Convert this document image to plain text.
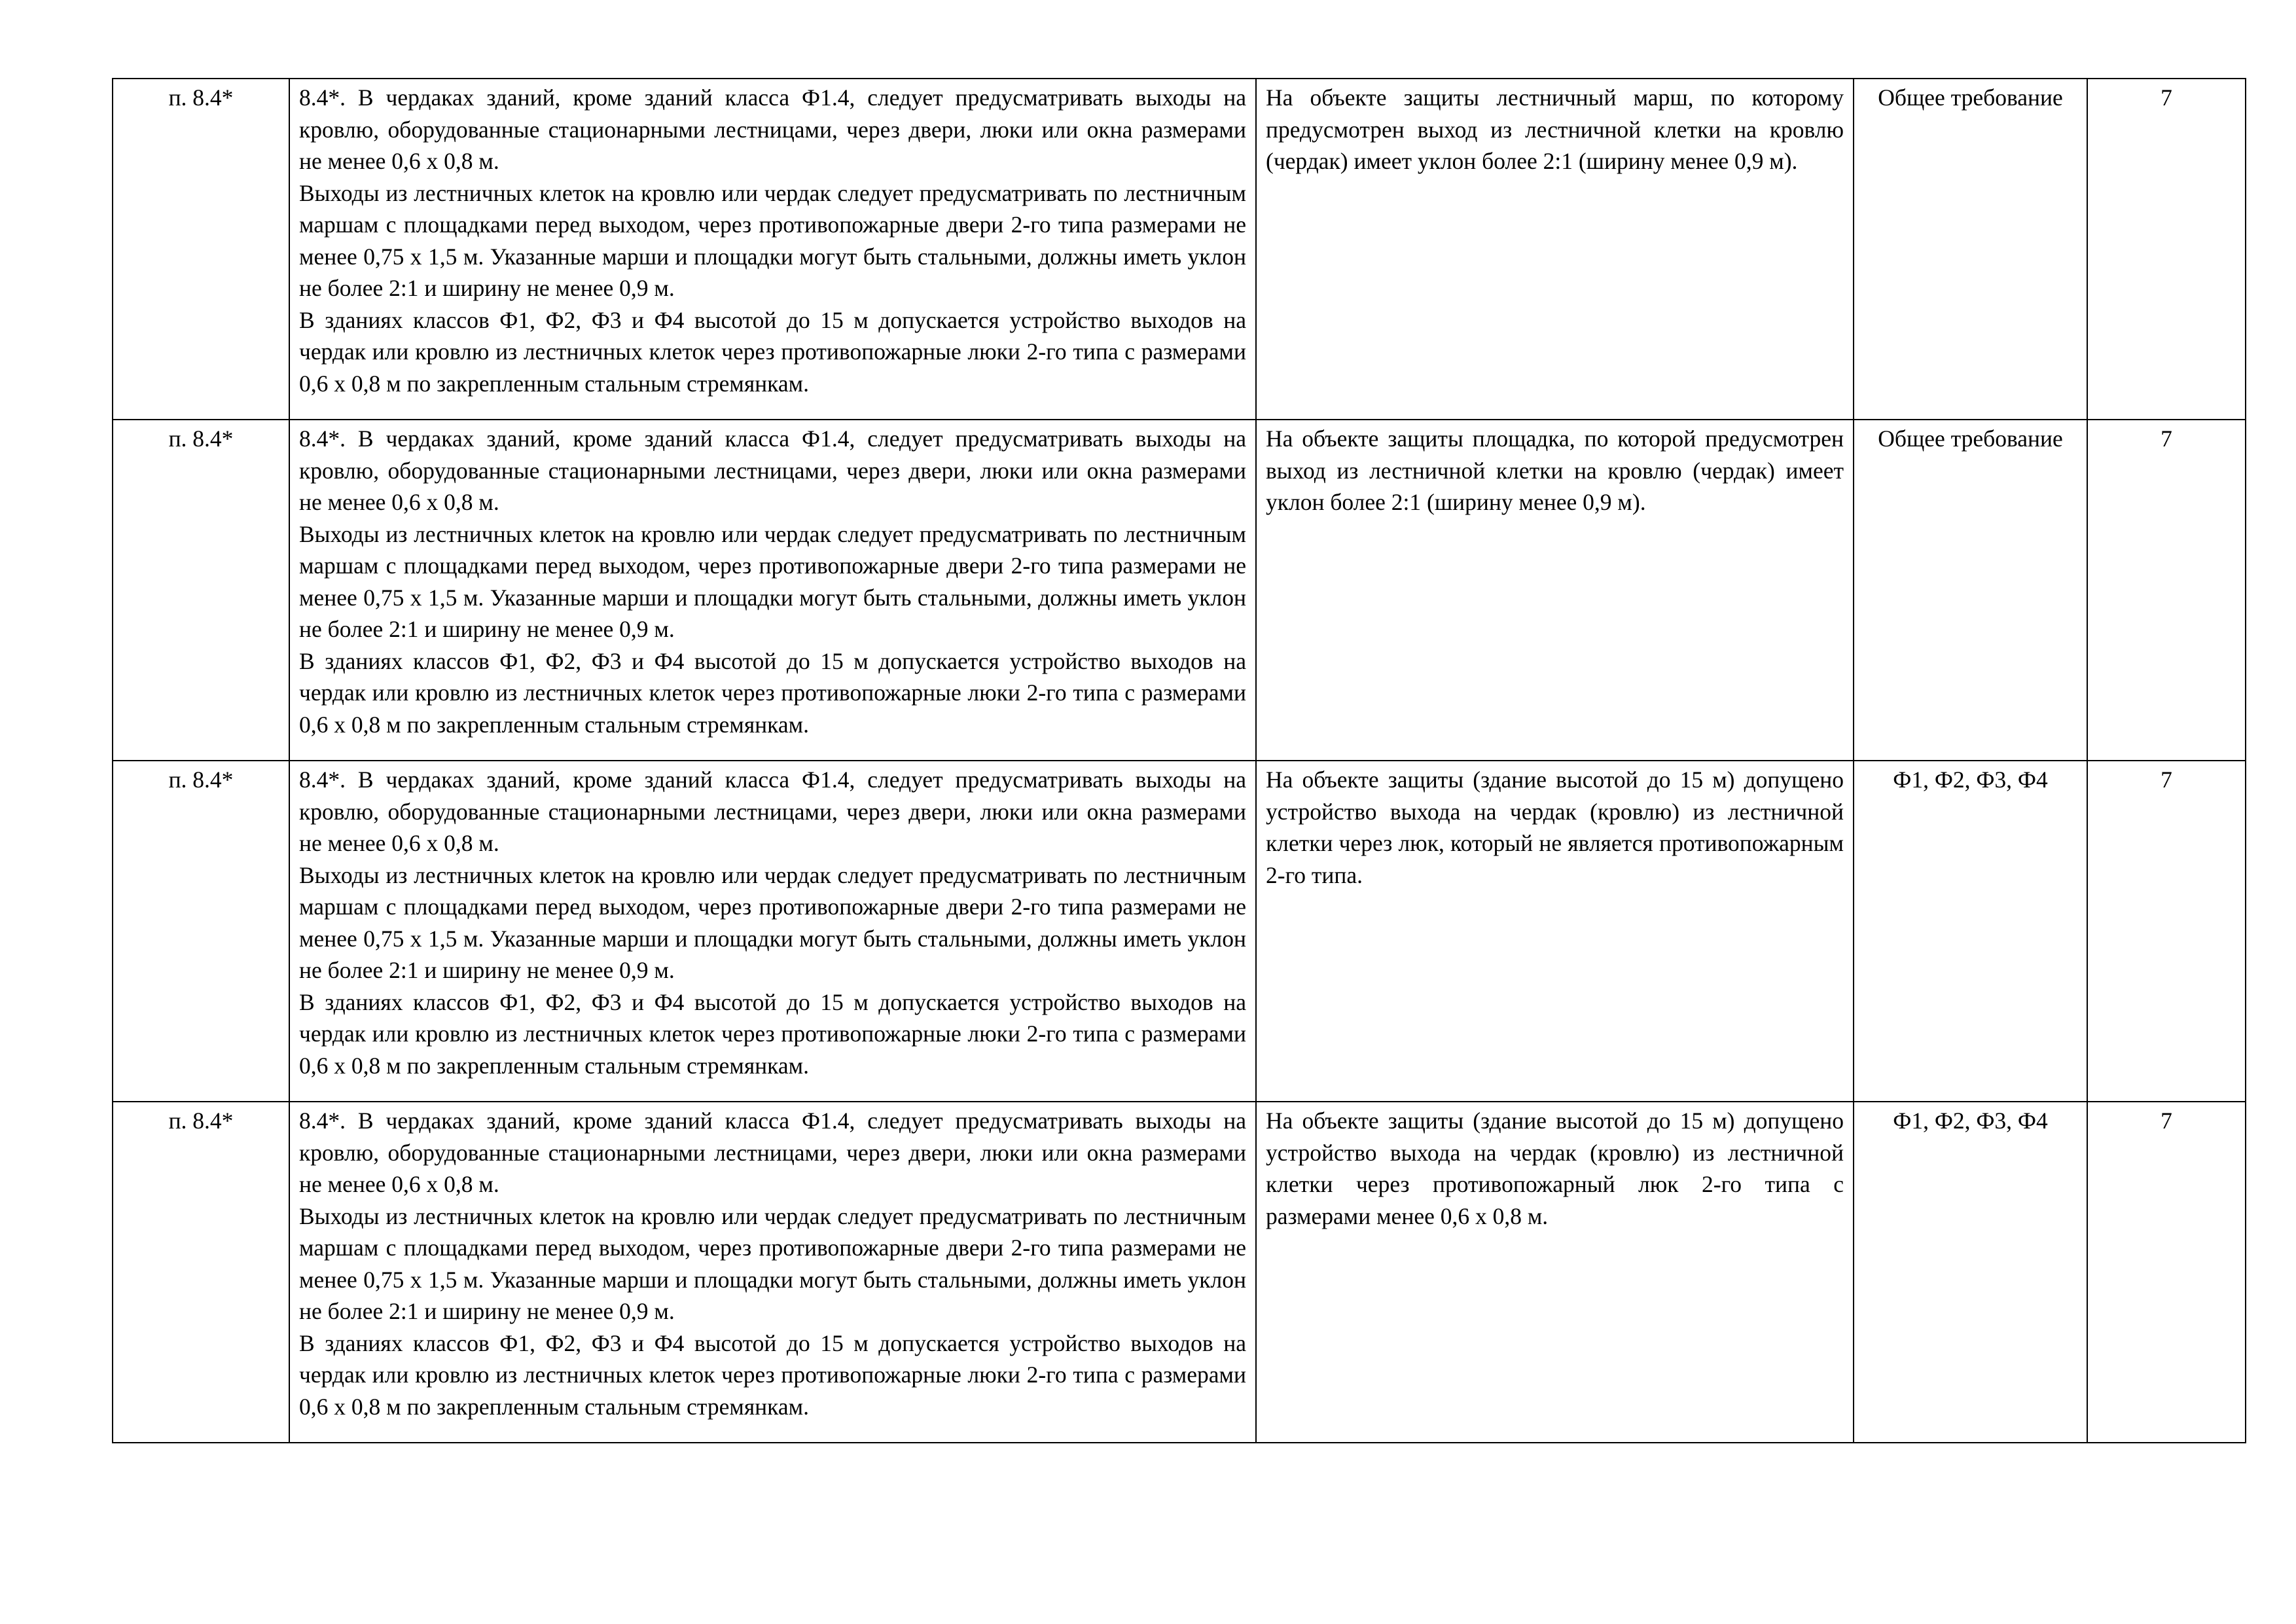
п. 8.4*	8.4*. В чердаках зданий, кроме зданий класса Ф1.4, следует предусматривать выходы на кровлю, оборудованные стационарными лестницами, через двери, люки или окна размерами не менее 0,6 х 0,8 м.

Выходы из лестничных клеток на кровлю или чердак следует предусматривать по лестничным маршам с площадками перед выходом, через противопожарные двери 2-го типа размерами не менее 0,75 х 1,5 м. Указанные марши и площадки могут быть стальными, должны иметь уклон не более 2:1 и ширину не менее 0,9 м.

В зданиях классов Ф1, Ф2, Ф3 и Ф4 высотой до 15 м допускается устройство выходов на чердак или кровлю из лестничных клеток через противопожарные люки 2-го типа с размерами 0,6 х 0,8 м по закрепленным стальным стремянкам.	На объекте защиты лестничный марш, по которому предусмотрен выход из лестничной клетки на кровлю (чердак) имеет уклон более 2:1 (ширину менее 0,9 м).	Общее требование	7
п. 8.4*	8.4*. В чердаках зданий, кроме зданий класса Ф1.4, следует предусматривать выходы на кровлю, оборудованные стационарными лестницами, через двери, люки или окна размерами не менее 0,6 х 0,8 м.

Выходы из лестничных клеток на кровлю или чердак следует предусматривать по лестничным маршам с площадками перед выходом, через противопожарные двери 2-го типа размерами не менее 0,75 х 1,5 м. Указанные марши и площадки могут быть стальными, должны иметь уклон не более 2:1 и ширину не менее 0,9 м.

В зданиях классов Ф1, Ф2, Ф3 и Ф4 высотой до 15 м допускается устройство выходов на чердак или кровлю из лестничных клеток через противопожарные люки 2-го типа с размерами 0,6 х 0,8 м по закрепленным стальным стремянкам.	На объекте защиты площадка, по которой предусмотрен выход из лестничной клетки на кровлю (чердак) имеет уклон более 2:1 (ширину менее 0,9 м).	Общее требование	7
п. 8.4*	8.4*. В чердаках зданий, кроме зданий класса Ф1.4, следует предусматривать выходы на кровлю, оборудованные стационарными лестницами, через двери, люки или окна размерами не менее 0,6 х 0,8 м.

Выходы из лестничных клеток на кровлю или чердак следует предусматривать по лестничным маршам с площадками перед выходом, через противопожарные двери 2-го типа размерами не менее 0,75 х 1,5 м. Указанные марши и площадки могут быть стальными, должны иметь уклон не более 2:1 и ширину не менее 0,9 м.

В зданиях классов Ф1, Ф2, Ф3 и Ф4 высотой до 15 м допускается устройство выходов на чердак или кровлю из лестничных клеток через противопожарные люки 2-го типа с размерами 0,6 х 0,8 м по закрепленным стальным стремянкам.	На объекте защиты (здание высотой до 15 м) допущено устройство выхода на чердак (кровлю) из лестничной клетки через люк, который не является противопожарным 2-го типа.	Ф1, Ф2, Ф3, Ф4	7
п. 8.4*	8.4*. В чердаках зданий, кроме зданий класса Ф1.4, следует предусматривать выходы на кровлю, оборудованные стационарными лестницами, через двери, люки или окна размерами не менее 0,6 х 0,8 м.

Выходы из лестничных клеток на кровлю или чердак следует предусматривать по лестничным маршам с площадками перед выходом, через противопожарные двери 2-го типа размерами не менее 0,75 х 1,5 м. Указанные марши и площадки могут быть стальными, должны иметь уклон не более 2:1 и ширину не менее 0,9 м.

В зданиях классов Ф1, Ф2, Ф3 и Ф4 высотой до 15 м допускается устройство выходов на чердак или кровлю из лестничных клеток через противопожарные люки 2-го типа с размерами 0,6 х 0,8 м по закрепленным стальным стремянкам.	На объекте защиты (здание высотой до 15 м) допущено устройство выхода на чердак (кровлю) из лестничной клетки через противопожарный люк 2-го типа с размерами менее 0,6 х 0,8 м.	Ф1, Ф2, Ф3, Ф4	7
